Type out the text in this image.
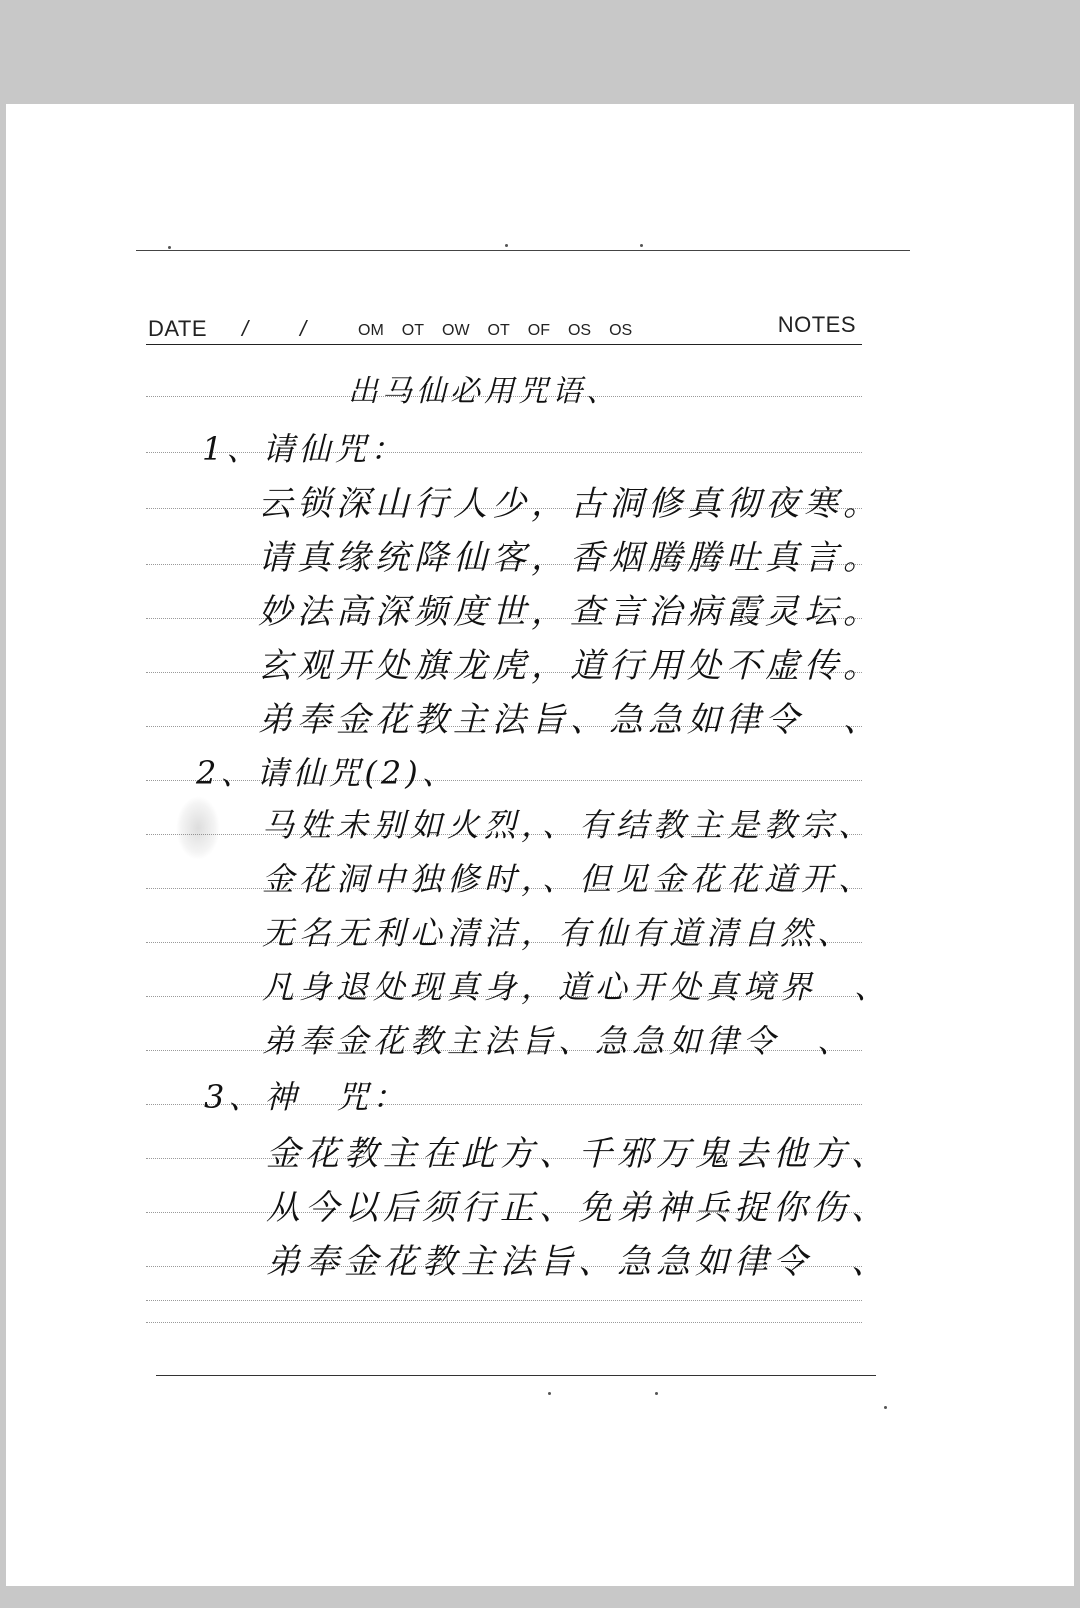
DATE / /	OM OT OW OT OF OS OS	NOTES
出马仙必用咒语、
1、请仙咒：
云锁深山行人少，古洞修真彻夜寒。
请真缘统降仙客，香烟腾腾吐真言。
妙法高深频度世，查言治病霞灵坛。
玄观开处旗龙虎，道行用处不虚传。
弟奉金花教主法旨、急急如律令　、
2、请仙咒(2)、
马姓未别如火烈，、有结教主是教宗、
金花洞中独修时，、但见金花花道开、
无名无利心清洁，有仙有道清自然、
凡身退处现真身，道心开处真境界　、
弟奉金花教主法旨、急急如律令　、
3、神　咒：
金花教主在此方、千邪万鬼去他方、
从今以后须行正、免弟神兵捉你伤、
弟奉金花教主法旨、急急如律令　、
